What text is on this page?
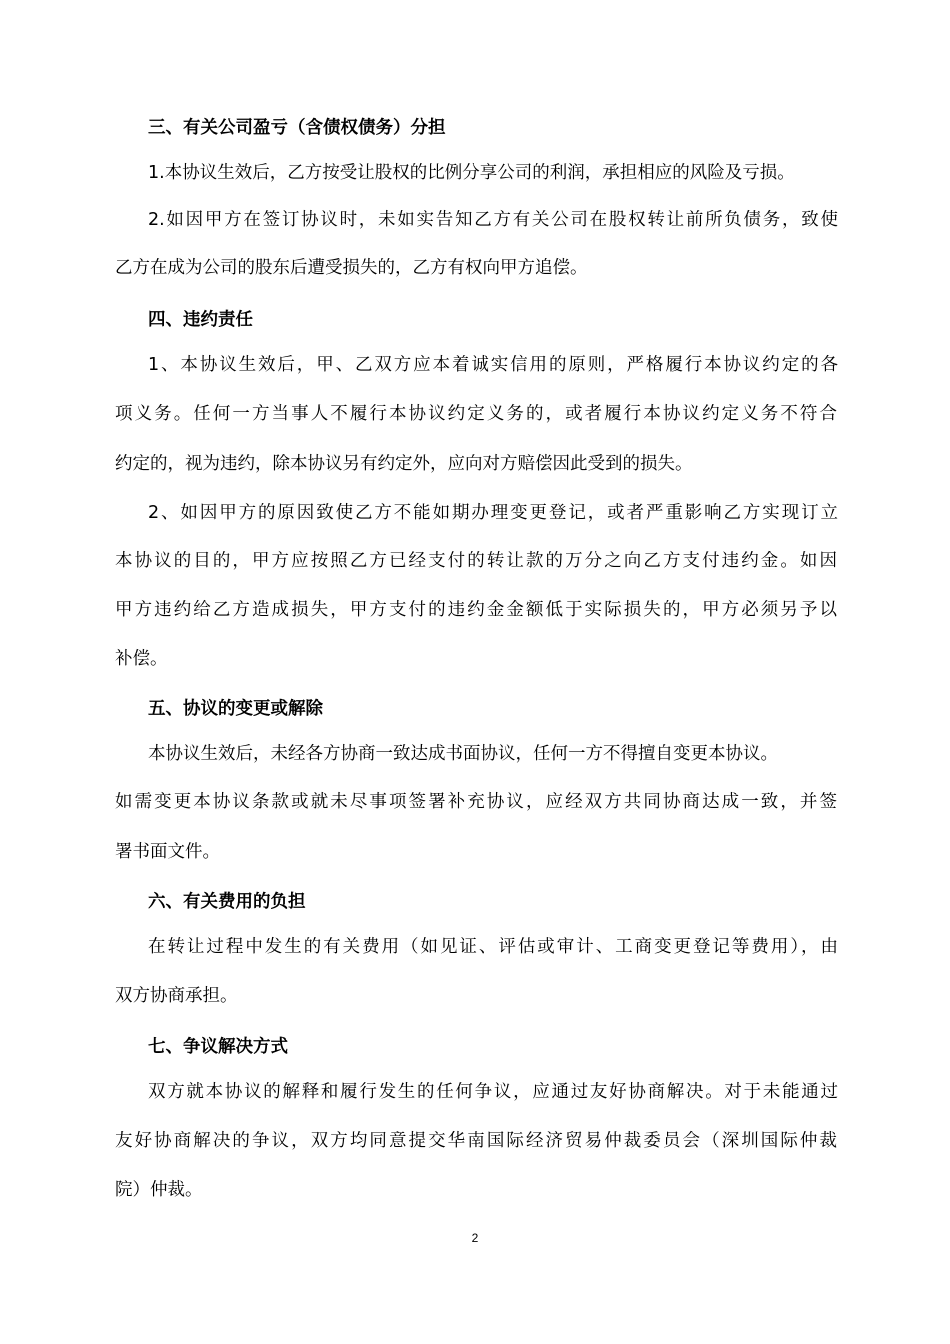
三、有关公司盈亏（含债权债务）分担
1.本协议生效后，乙方按受让股权的比例分享公司的利润，承担相应的风险及亏损。
2.如因甲方在签订协议时，未如实告知乙方有关公司在股权转让前所负债务，致使
乙方在成为公司的股东后遭受损失的，乙方有权向甲方追偿。
四、违约责任
1、本协议生效后，甲、乙双方应本着诚实信用的原则，严格履行本协议约定的各
项义务。任何一方当事人不履行本协议约定义务的，或者履行本协议约定义务不符合
约定的，视为违约，除本协议另有约定外，应向对方赔偿因此受到的损失。
2、如因甲方的原因致使乙方不能如期办理变更登记，或者严重影响乙方实现订立
本协议的目的，甲方应按照乙方已经支付的转让款的万分之向乙方支付违约金。如因
甲方违约给乙方造成损失，甲方支付的违约金金额低于实际损失的，甲方必须另予以
补偿。
五、协议的变更或解除
本协议生效后，未经各方协商一致达成书面协议，任何一方不得擅自变更本协议。
如需变更本协议条款或就未尽事项签署补充协议，应经双方共同协商达成一致，并签
署书面文件。
六、有关费用的负担
在转让过程中发生的有关费用（如见证、评估或审计、工商变更登记等费用），由
双方协商承担。
七、争议解决方式
双方就本协议的解释和履行发生的任何争议，应通过友好协商解决。对于未能通过
友好协商解决的争议，双方均同意提交华南国际经济贸易仲裁委员会（深圳国际仲裁
院）仲裁。
2
